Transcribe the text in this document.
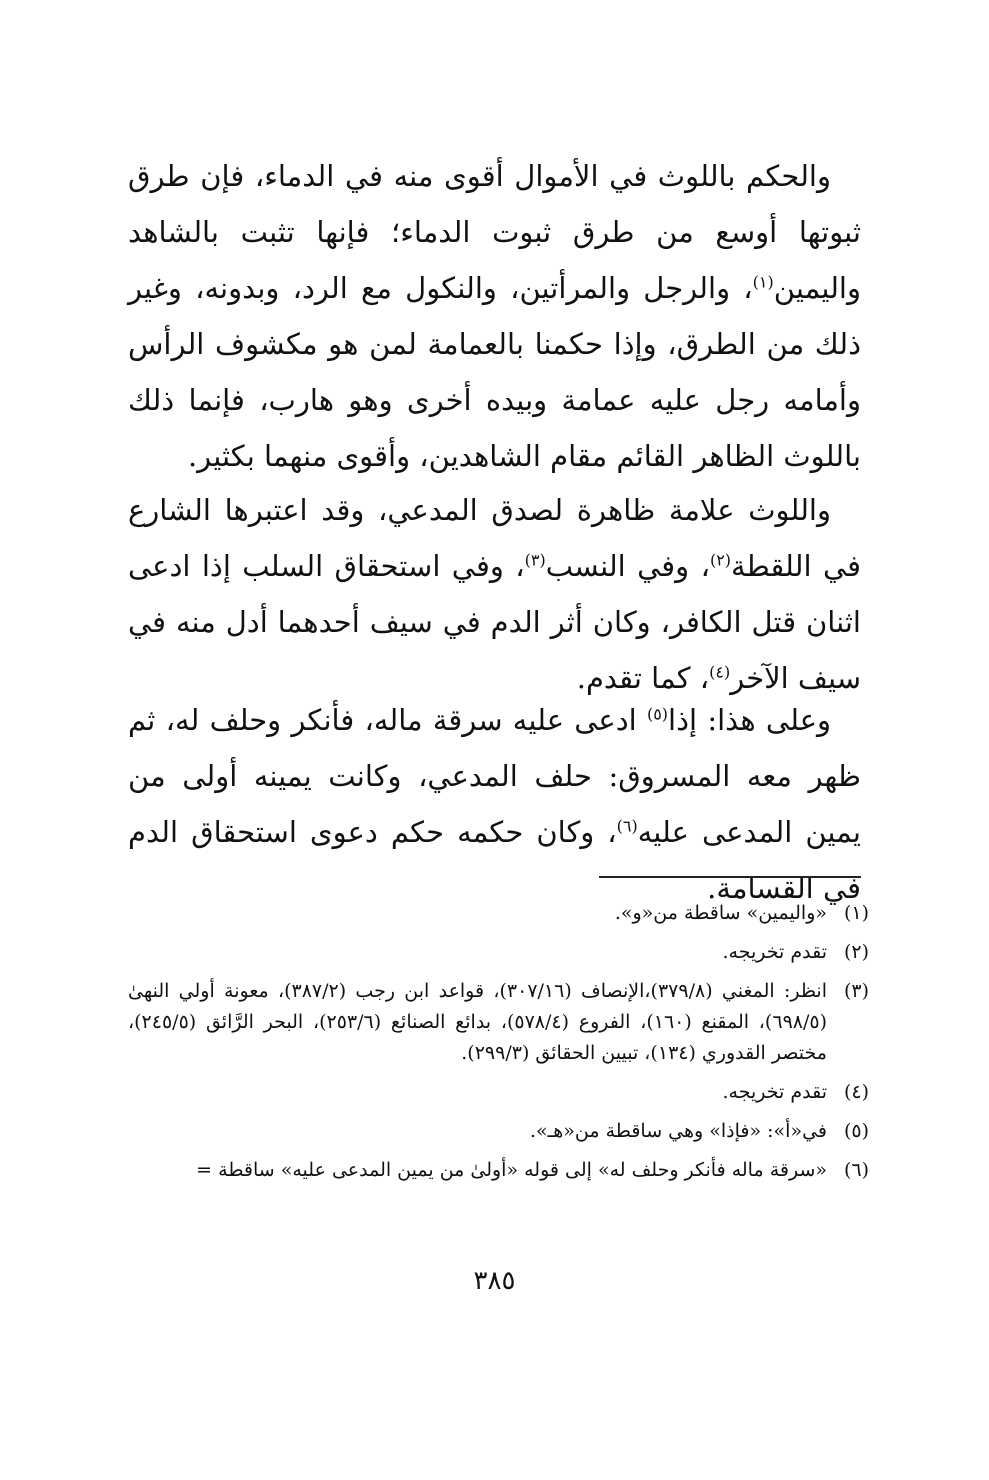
والحكم باللوث في الأموال أقوى منه في الدماء، فإن طرق ثبوتها أوسع من طرق ثبوت الدماء؛ فإنها تثبت بالشاهد واليمين$^{(١)}$، والرجل والمرأتين، والنكول مع الرد، وبدونه، وغير ذلك من الطرق، وإذا حكمنا بالعمامة لمن هو مكشوف الرأس وأمامه رجل عليه عمامة وبيده أخرى وهو هارب، فإنما ذلك باللوث الظاهر القائم مقام الشاهدين، وأقوى منهما بكثير.

واللوث علامة ظاهرة لصدق المدعي، وقد اعتبرها الشارع في اللقطة$^{(٢)}$، وفي النسب$^{(٣)}$، وفي استحقاق السلب إذا ادعى اثنان قتل الكافر، وكان أثر الدم في سيف أحدهما أدل منه في سيف الآخر$^{(٤)}$، كما تقدم.

وعلى هذا: إذا$^{(٥)}$ ادعى عليه سرقة ماله، فأنكر وحلف له، ثم ظهر معه المسروق: حلف المدعي، وكانت يمينه أولى من يمين المدعى عليه$^{(٦)}$، وكان حكمه حكم دعوى استحقاق الدم في القسامة.

(١)
«واليمين» ساقطة من«و».
(٢)
تقدم تخريجه.
(٣)
انظر: المغني (٣٧٩/٨)،الإنصاف (٣٠٧/١٦)، قواعد ابن رجب (٣٨٧/٢)، معونة أولي النهىٰ (٦٩٨/٥)، المقنع (١٦٠)، الفروع (٥٧٨/٤)، بدائع الصنائع (٢٥٣/٦)، البحر الرَّائق (٢٤٥/٥)، مختصر القدوري (١٣٤)، تبيين الحقائق (٢٩٩/٣).
(٤)
تقدم تخريجه.
(٥)
في«أ»: «فإذا» وهي ساقطة من«هـ».
(٦)
«سرقة ماله فأنكر وحلف له» إلى قوله «أولىٰ من يمين المدعى عليه» ساقطة =
٣٨٥
